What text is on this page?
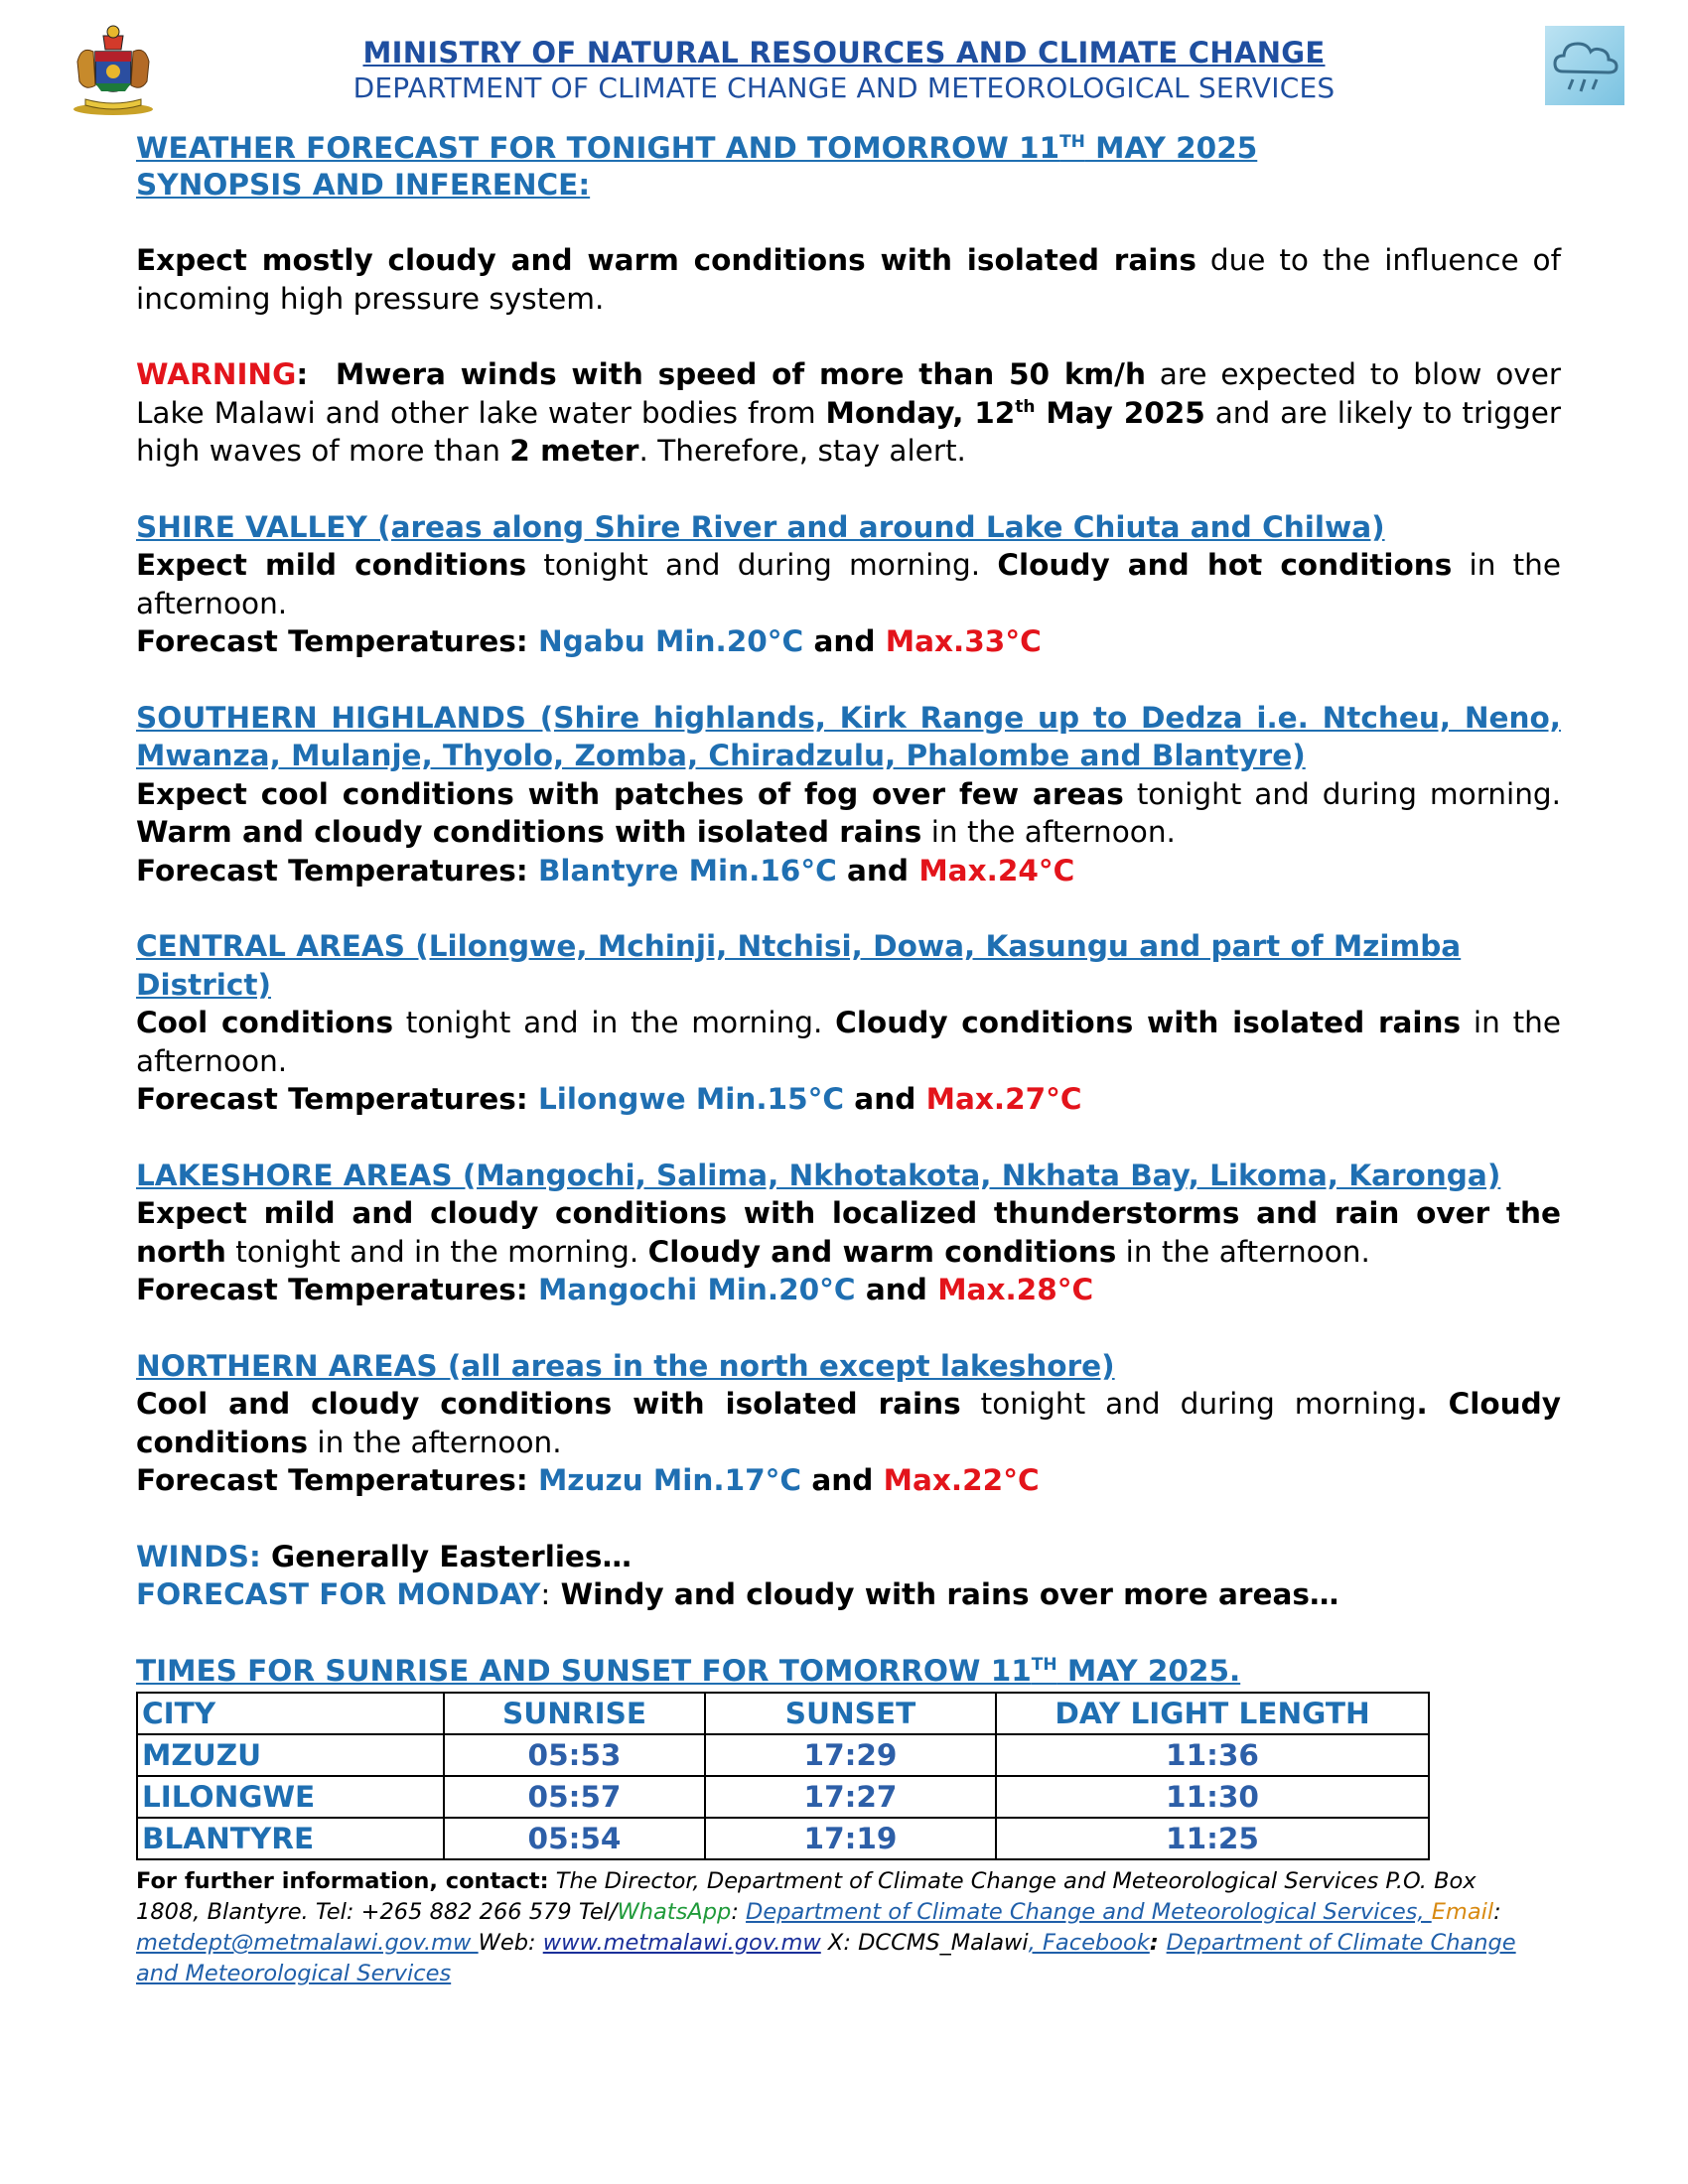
MINISTRY OF NATURAL RESOURCES AND CLIMATE CHANGE
DEPARTMENT OF CLIMATE CHANGE AND METEOROLOGICAL SERVICES
WEATHER FORECAST FOR TONIGHT AND TOMORROW 11TH MAY 2025
SYNOPSIS AND INFERENCE:

Expect mostly cloudy and warm conditions with isolated rains due to the influence of incoming high pressure system.

WARNING: Mwera winds with speed of more than 50 km/h are expected to blow over Lake Malawi and other lake water bodies from Monday, 12th May 2025 and are likely to trigger high waves of more than 2 meter. Therefore, stay alert.

SHIRE VALLEY (areas along Shire River and around Lake Chiuta and Chilwa)

Expect mild conditions tonight and during morning. Cloudy and hot conditions in the afternoon.

Forecast Temperatures: Ngabu Min.20°C and Max.33°C
SOUTHERN HIGHLANDS (Shire highlands, Kirk Range up to Dedza i.e. Ntcheu, Neno, Mwanza, Mulanje, Thyolo, Zomba, Chiradzulu, Phalombe and Blantyre)

Expect cool conditions with patches of fog over few areas tonight and during morning. Warm and cloudy conditions with isolated rains in the afternoon.

Forecast Temperatures: Blantyre Min.16°C and Max.24°C
CENTRAL AREAS (Lilongwe, Mchinji, Ntchisi, Dowa, Kasungu and part of Mzimba District)

Cool conditions tonight and in the morning. Cloudy conditions with isolated rains in the afternoon.

Forecast Temperatures: Lilongwe Min.15°C and Max.27°C
LAKESHORE AREAS (Mangochi, Salima, Nkhotakota, Nkhata Bay, Likoma, Karonga)

Expect mild and cloudy conditions with localized thunderstorms and rain over the north tonight and in the morning. Cloudy and warm conditions in the afternoon.

Forecast Temperatures: Mangochi Min.20°C and Max.28°C
NORTHERN AREAS (all areas in the north except lakeshore)

Cool and cloudy conditions with isolated rains tonight and during morning. Cloudy conditions in the afternoon.

Forecast Temperatures: Mzuzu Min.17°C and Max.22°C
WINDS: Generally Easterlies…
FORECAST FOR MONDAY: Windy and cloudy with rains over more areas…
TIMES FOR SUNRISE AND SUNSET FOR TOMORROW 11TH MAY 2025.
CITY	SUNRISE	SUNSET	DAY LIGHT LENGTH
MZUZU	05:53	17:29	11:36
LILONGWE	05:57	17:27	11:30
BLANTYRE	05:54	17:19	11:25
For further information, contact: The Director, Department of Climate Change and Meteorological Services P.O. Box 1808, Blantyre. Tel: +265 882 266 579 Tel/WhatsApp: Department of Climate Change and Meteorological Services, Email: metdept@metmalawi.gov.mw Web: www.metmalawi.gov.mw X: DCCMS_Malawi, Facebook: Department of Climate Change and Meteorological Services
